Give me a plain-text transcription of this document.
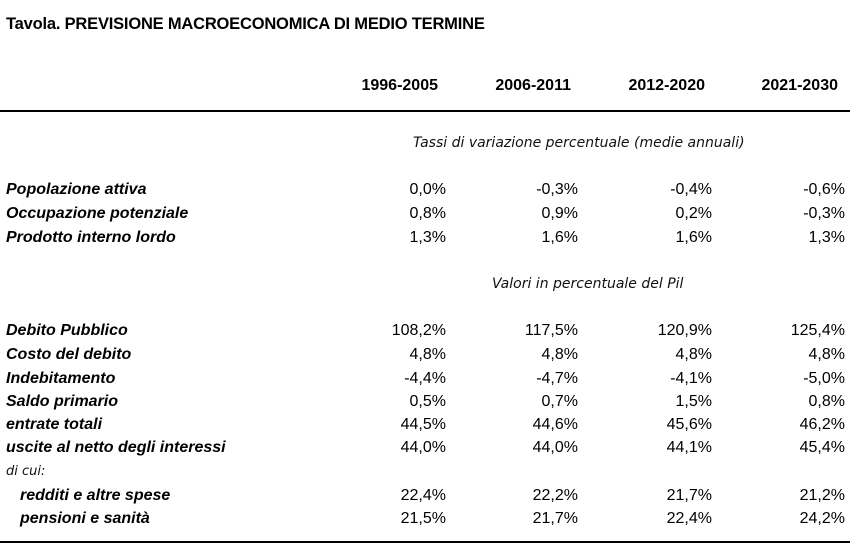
Tavola. PREVISIONE MACROECONOMICA DI MEDIO TERMINE
1996-2005	2006-2011	2012-2020	2021-2030
Tassi di variazione percentuale (medie annuali)
Popolazione attiva	0,0%	-0,3%	-0,4%	-0,6%
Occupazione potenziale	0,8%	0,9%	0,2%	-0,3%
Prodotto interno lordo	1,3%	1,6%	1,6%	1,3%
Valori in percentuale del Pil
Debito Pubblico	108,2%	117,5%	120,9%	125,4%
Costo del debito	4,8%	4,8%	4,8%	4,8%
Indebitamento	-4,4%	-4,7%	-4,1%	-5,0%
Saldo primario	0,5%	0,7%	1,5%	0,8%
entrate totali	44,5%	44,6%	45,6%	46,2%
uscite al netto degli interessi	44,0%	44,0%	44,1%	45,4%
di cui:
redditi e altre spese	22,4%	22,2%	21,7%	21,2%
pensioni e sanità	21,5%	21,7%	22,4%	24,2%
